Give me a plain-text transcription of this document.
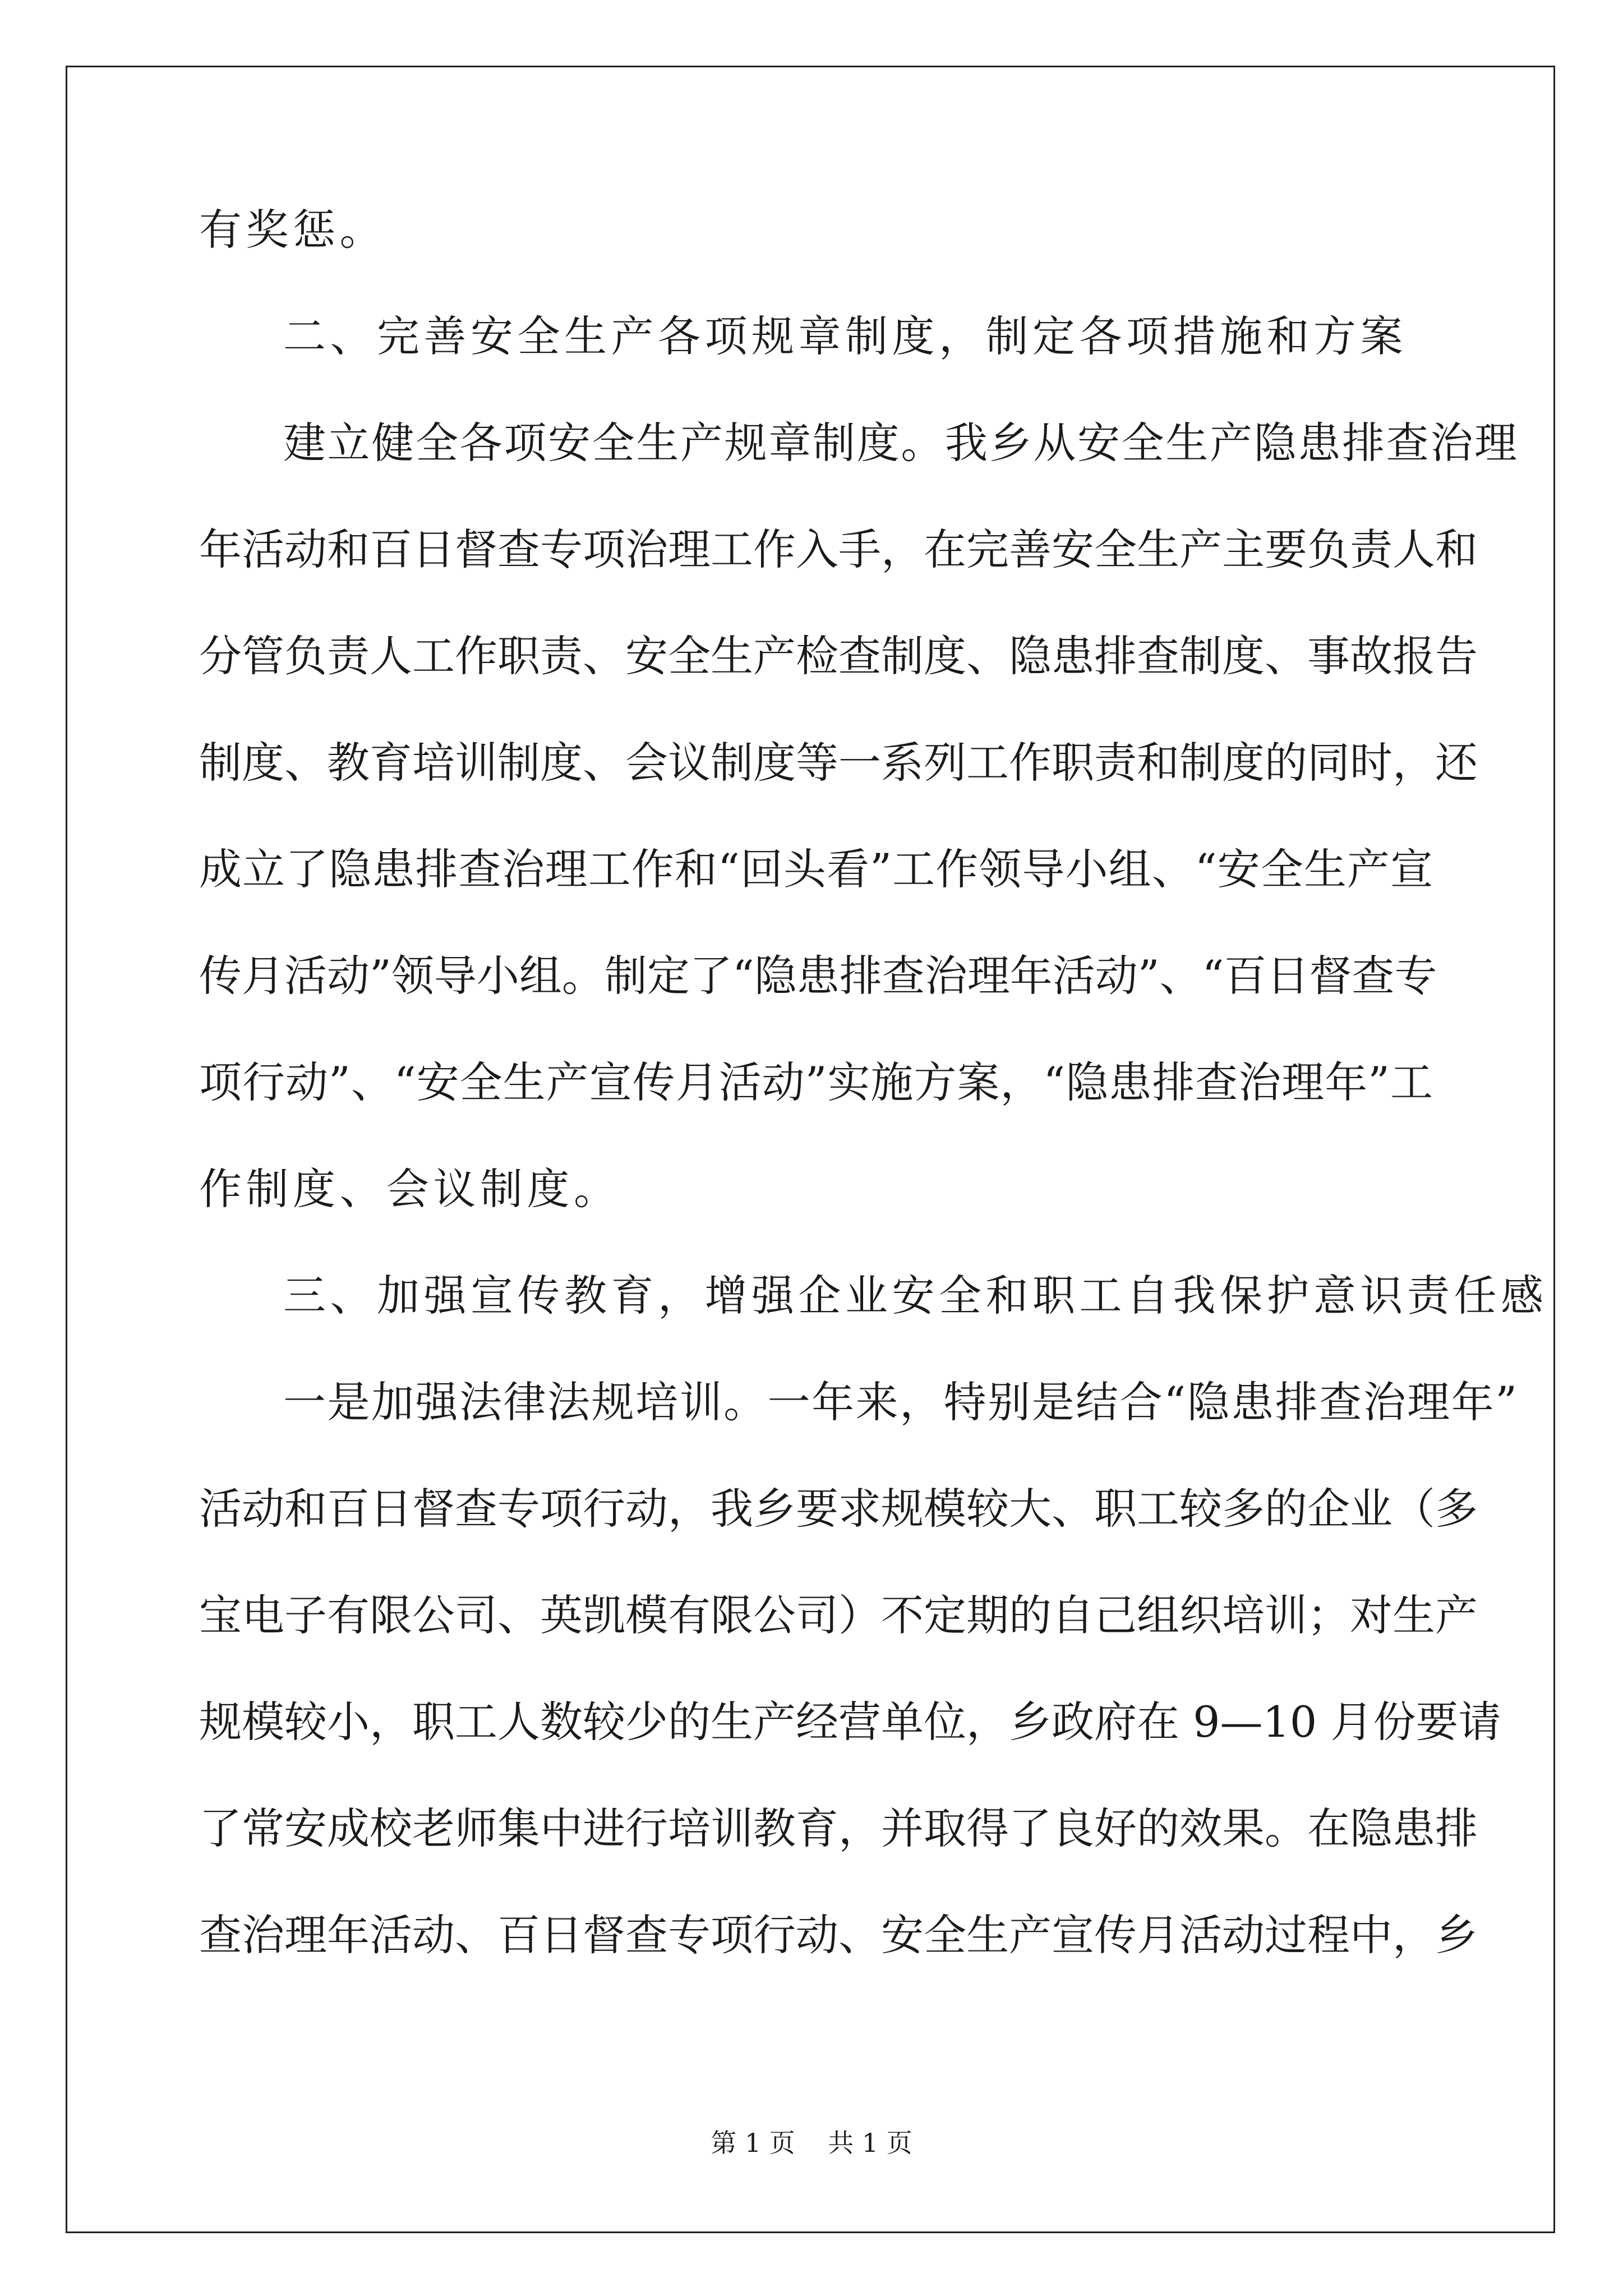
有奖惩。
二、完善安全生产各项规章制度，制定各项措施和方案
建立健全各项安全生产规章制度。我乡从安全生产隐患排查治理
年活动和百日督查专项治理工作入手，在完善安全生产主要负责人和
分管负责人工作职责、安全生产检查制度、隐患排查制度、事故报告
制度、教育培训制度、会议制度等一系列工作职责和制度的同时，还
成立了隐患排查治理工作和“回头看”工作领导小组、“安全生产宣
传月活动”领导小组。制定了“隐患排查治理年活动”、“百日督查专
项行动”、“安全生产宣传月活动”实施方案，“隐患排查治理年”工
作制度、会议制度。
三、加强宣传教育，增强企业安全和职工自我保护意识责任感
一是加强法律法规培训。一年来，特别是结合“隐患排查治理年”
活动和百日督查专项行动，我乡要求规模较大、职工较多的企业（多
宝电子有限公司、英凯模有限公司）不定期的自己组织培训；对生产
规模较小，职工人数较少的生产经营单位，乡政府在 9—10 月份要请
了常安成校老师集中进行培训教育，并取得了良好的效果。在隐患排
查治理年活动、百日督查专项行动、安全生产宣传月活动过程中，乡
第 1 页    共 1 页
